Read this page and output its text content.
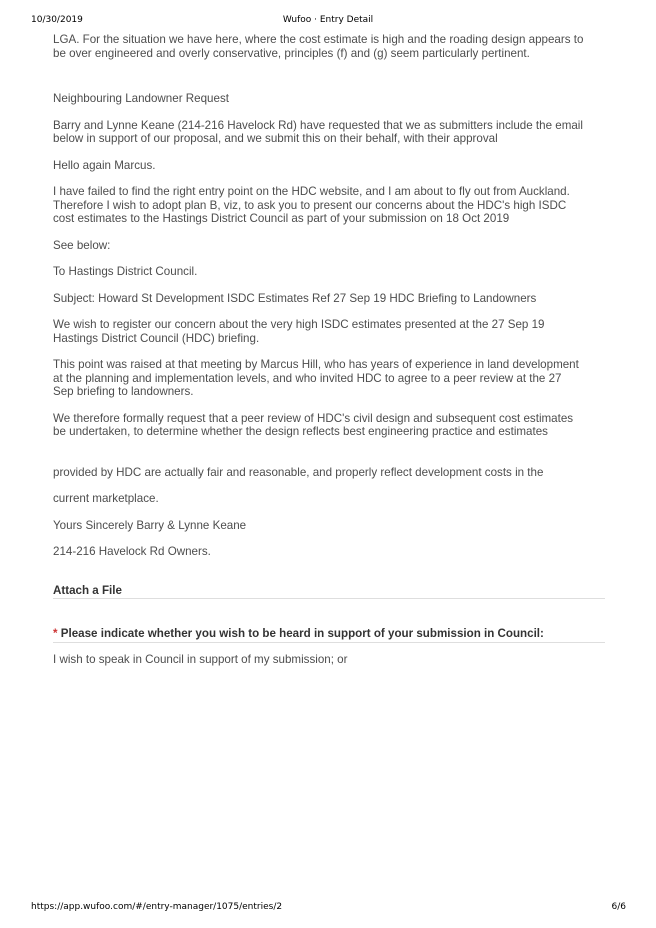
10/30/2019	Wufoo · Entry Detail

LGA. For the situation we have here, where the cost estimate is high and the roading design appears to be over engineered and overly conservative, principles (f) and (g) seem particularly pertinent.

Neighbouring Landowner Request

Barry and Lynne Keane (214-216 Havelock Rd) have requested that we as submitters include the email below in support of our proposal, and we submit this on their behalf, with their approval

Hello again Marcus.

I have failed to find the right entry point on the HDC website, and I am about to fly out from Auckland. Therefore I wish to adopt plan B, viz, to ask you to present our concerns about the HDC's high ISDC cost estimates to the Hastings District Council as part of your submission on 18 Oct 2019

See below:

To Hastings District Council.

Subject: Howard St Development ISDC Estimates Ref 27 Sep 19 HDC Briefing to Landowners

We wish to register our concern about the very high ISDC estimates presented at the 27 Sep 19 Hastings District Council (HDC) briefing.

This point was raised at that meeting by Marcus Hill, who has years of experience in land development at the planning and implementation levels, and who invited HDC to agree to a peer review at the 27 Sep briefing to landowners.

We therefore formally request that a peer review of HDC's civil design and subsequent cost estimates be undertaken, to determine whether the design reflects best engineering practice and estimates

provided by HDC are actually fair and reasonable, and properly reflect development costs in the

current marketplace.

Yours Sincerely Barry & Lynne Keane

214-216 Havelock Rd Owners.

Attach a File
* Please indicate whether you wish to be heard in support of your submission in Council:
I wish to speak in Council in support of my submission; or
https://app.wufoo.com/#/entry-manager/1075/entries/2	6/6
